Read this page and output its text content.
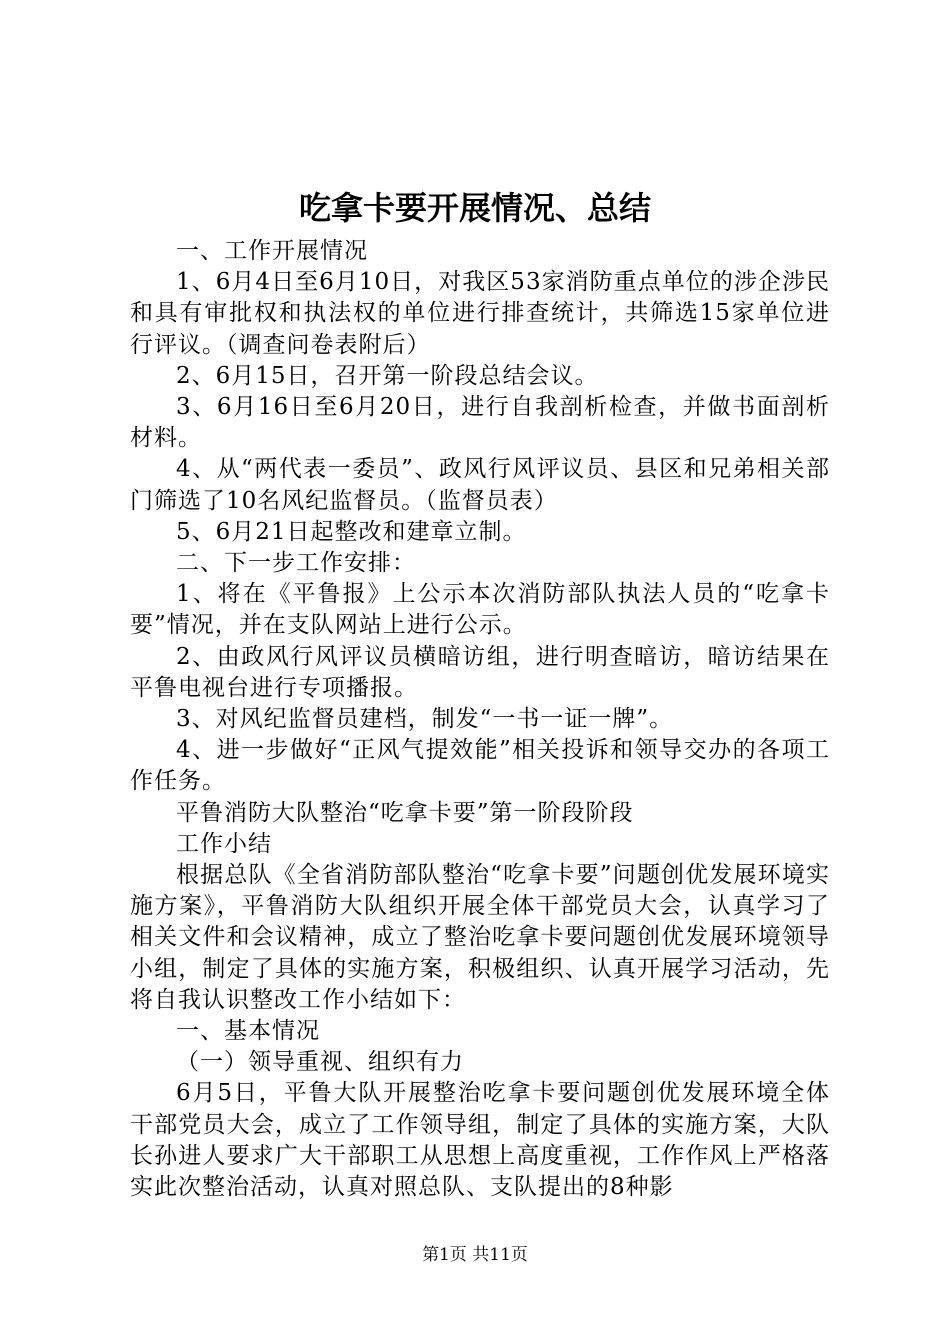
吃拿卡要开展情况、总结

一、工作开展情况

1、6月4日至6月10日，对我区53家消防重点单位的涉企涉民和具有审批权和执法权的单位进行排查统计，共筛选15家单位进行评议。（调查问卷表附后）

2、6月15日，召开第一阶段总结会议。

3、6月16日至6月20日，进行自我剖析检查，并做书面剖析材料。

4、从“两代表一委员”、政风行风评议员、县区和兄弟相关部门筛选了10名风纪监督员。（监督员表）

5、6月21日起整改和建章立制。

二、下一步工作安排：

1、将在《平鲁报》上公示本次消防部队执法人员的“吃拿卡要”情况，并在支队网站上进行公示。

2、由政风行风评议员横暗访组，进行明查暗访，暗访结果在平鲁电视台进行专项播报。

3、对风纪监督员建档，制发“一书一证一牌”。

4、进一步做好“正风气提效能”相关投诉和领导交办的各项工作任务。

平鲁消防大队整治“吃拿卡要”第一阶段阶段

工作小结

根据总队《全省消防部队整治“吃拿卡要”问题创优发展环境实施方案》，平鲁消防大队组织开展全体干部党员大会，认真学习了相关文件和会议精神，成立了整治吃拿卡要问题创优发展环境领导小组，制定了具体的实施方案，积极组织、认真开展学习活动，先将自我认识整改工作小结如下：

一、基本情况

（一）领导重视、组织有力

6月5日，平鲁大队开展整治吃拿卡要问题创优发展环境全体干部党员大会，成立了工作领导组，制定了具体的实施方案，大队长孙进人要求广大干部职工从思想上高度重视，工作作风上严格落实此次整治活动，认真对照总队、支队提出的8种影

第1页 共11页
